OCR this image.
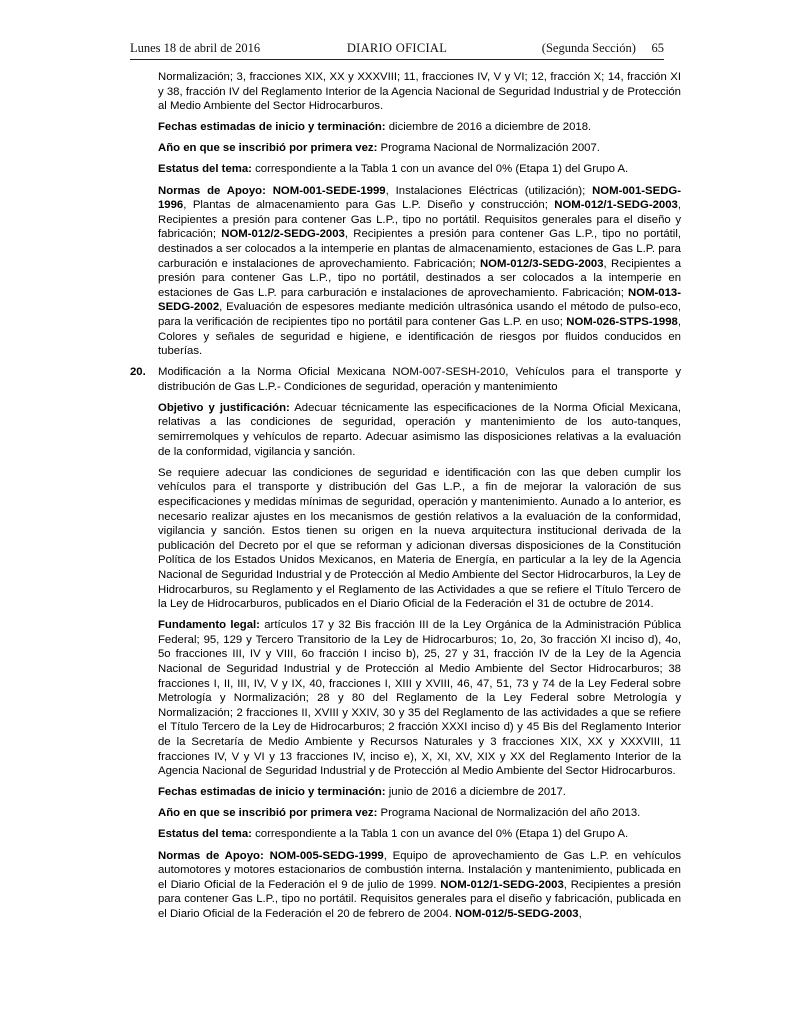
Lunes 18 de abril de 2016	DIARIO OFICIAL	(Segunda Sección) 65

Normalización; 3, fracciones XIX, XX y XXXVIII; 11, fracciones IV, V y VI; 12, fracción X; 14, fracción XI y 38, fracción IV del Reglamento Interior de la Agencia Nacional de Seguridad Industrial y de Protección al Medio Ambiente del Sector Hidrocarburos.

Fechas estimadas de inicio y terminación: diciembre de 2016 a diciembre de 2018.

Año en que se inscribió por primera vez: Programa Nacional de Normalización 2007.

Estatus del tema: correspondiente a la Tabla 1 con un avance del 0% (Etapa 1) del Grupo A.

Normas de Apoyo: NOM-001-SEDE-1999, Instalaciones Eléctricas (utilización); NOM-001-SEDG-1996, Plantas de almacenamiento para Gas L.P. Diseño y construcción; NOM-012/1-SEDG-2003, Recipientes a presión para contener Gas L.P., tipo no portátil. Requisitos generales para el diseño y fabricación; NOM-012/2-SEDG-2003, Recipientes a presión para contener Gas L.P., tipo no portátil, destinados a ser colocados a la intemperie en plantas de almacenamiento, estaciones de Gas L.P. para carburación e instalaciones de aprovechamiento. Fabricación; NOM-012/3-SEDG-2003, Recipientes a presión para contener Gas L.P., tipo no portátil, destinados a ser colocados a la intemperie en estaciones de Gas L.P. para carburación e instalaciones de aprovechamiento. Fabricación; NOM-013-SEDG-2002, Evaluación de espesores mediante medición ultrasónica usando el método de pulso-eco, para la verificación de recipientes tipo no portátil para contener Gas L.P. en uso; NOM-026-STPS-1998, Colores y señales de seguridad e higiene, e identificación de riesgos por fluidos conducidos en tuberías.

20. Modificación a la Norma Oficial Mexicana NOM-007-SESH-2010, Vehículos para el transporte y distribución de Gas L.P.- Condiciones de seguridad, operación y mantenimiento

Objetivo y justificación: Adecuar técnicamente las especificaciones de la Norma Oficial Mexicana, relativas a las condiciones de seguridad, operación y mantenimiento de los auto-tanques, semirremolques y vehículos de reparto. Adecuar asimismo las disposiciones relativas a la evaluación de la conformidad, vigilancia y sanción.

Se requiere adecuar las condiciones de seguridad e identificación con las que deben cumplir los vehículos para el transporte y distribución del Gas L.P., a fin de mejorar la valoración de sus especificaciones y medidas mínimas de seguridad, operación y mantenimiento. Aunado a lo anterior, es necesario realizar ajustes en los mecanismos de gestión relativos a la evaluación de la conformidad, vigilancia y sanción. Estos tienen su origen en la nueva arquitectura institucional derivada de la publicación del Decreto por el que se reforman y adicionan diversas disposiciones de la Constitución Política de los Estados Unidos Mexicanos, en Materia de Energía, en particular a la ley de la Agencia Nacional de Seguridad Industrial y de Protección al Medio Ambiente del Sector Hidrocarburos, la Ley de Hidrocarburos, su Reglamento y el Reglamento de las Actividades a que se refiere el Título Tercero de la Ley de Hidrocarburos, publicados en el Diario Oficial de la Federación el 31 de octubre de 2014.

Fundamento legal: artículos 17 y 32 Bis fracción III de la Ley Orgánica de la Administración Pública Federal; 95, 129 y Tercero Transitorio de la Ley de Hidrocarburos; 1o, 2o, 3o fracción XI inciso d), 4o, 5o fracciones III, IV y VIII, 6o fracción I inciso b), 25, 27 y 31, fracción IV de la Ley de la Agencia Nacional de Seguridad Industrial y de Protección al Medio Ambiente del Sector Hidrocarburos; 38 fracciones I, II, III, IV, V y IX, 40, fracciones I, XIII y XVIII, 46, 47, 51, 73 y 74 de la Ley Federal sobre Metrología y Normalización; 28 y 80 del Reglamento de la Ley Federal sobre Metrología y Normalización; 2 fracciones II, XVIII y XXIV, 30 y 35 del Reglamento de las actividades a que se refiere el Título Tercero de la Ley de Hidrocarburos; 2 fracción XXXI inciso d) y 45 Bis del Reglamento Interior de la Secretaría de Medio Ambiente y Recursos Naturales y 3 fracciones XIX, XX y XXXVIII, 11 fracciones IV, V y VI y 13 fracciones IV, inciso e), X, XI, XV, XIX y XX del Reglamento Interior de la Agencia Nacional de Seguridad Industrial y de Protección al Medio Ambiente del Sector Hidrocarburos.

Fechas estimadas de inicio y terminación: junio de 2016 a diciembre de 2017.

Año en que se inscribió por primera vez: Programa Nacional de Normalización del año 2013.

Estatus del tema: correspondiente a la Tabla 1 con un avance del 0% (Etapa 1) del Grupo A.

Normas de Apoyo: NOM-005-SEDG-1999, Equipo de aprovechamiento de Gas L.P. en vehículos automotores y motores estacionarios de combustión interna. Instalación y mantenimiento, publicada en el Diario Oficial de la Federación el 9 de julio de 1999. NOM-012/1-SEDG-2003, Recipientes a presión para contener Gas L.P., tipo no portátil. Requisitos generales para el diseño y fabricación, publicada en el Diario Oficial de la Federación el 20 de febrero de 2004. NOM-012/5-SEDG-2003,
